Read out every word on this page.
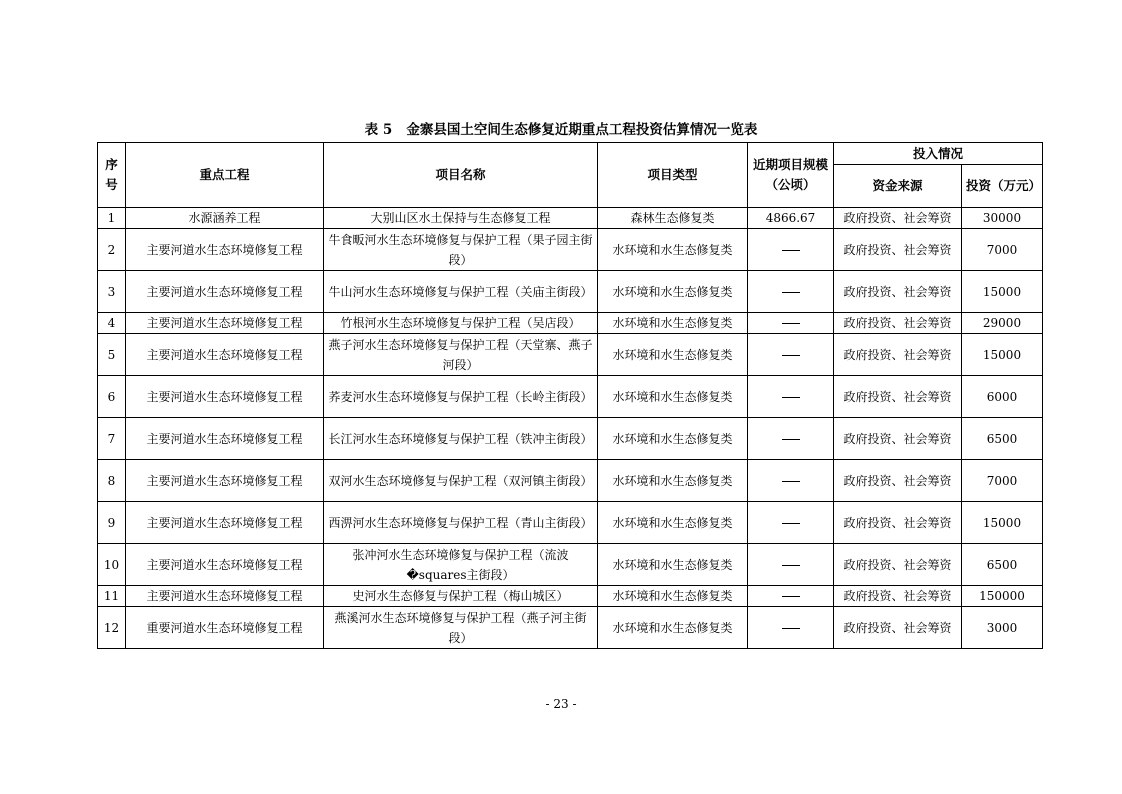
表 5   金寨县国土空间生态修复近期重点工程投资估算情况一览表
序号	重点工程	项目名称	项目类型	近期项目规模（公顷）	投入情况	
					资金来源	投资（万元）
1	水源涵养工程	大别山区水土保持与生态修复工程	森林生态修复类	4866.67	政府投资、社会筹资	30000
2	主要河道水生态环境修复工程	牛食畈河水生态环境修复与保护工程（果子园主街段）	水环境和水生态修复类		政府投资、社会筹资	7000
3	主要河道水生态环境修复工程	牛山河水生态环境修复与保护工程（关庙主街段）	水环境和水生态修复类		政府投资、社会筹资	15000
4	主要河道水生态环境修复工程	竹根河水生态环境修复与保护工程（吴店段）	水环境和水生态修复类		政府投资、社会筹资	29000
5	主要河道水生态环境修复工程	燕子河水生态环境修复与保护工程（天堂寨、燕子河段）	水环境和水生态修复类		政府投资、社会筹资	15000
6	主要河道水生态环境修复工程	荞麦河水生态环境修复与保护工程（长岭主街段）	水环境和水生态修复类		政府投资、社会筹资	6000
7	主要河道水生态环境修复工程	长江河水生态环境修复与保护工程（铁冲主街段）	水环境和水生态修复类		政府投资、社会筹资	6500
8	主要河道水生态环境修复工程	双河水生态环境修复与保护工程（双河镇主街段）	水环境和水生态修复类		政府投资、社会筹资	7000
9	主要河道水生态环境修复工程	西淠河水生态环境修复与保护工程（青山主街段）	水环境和水生态修复类		政府投资、社会筹资	15000
10	主要河道水生态环境修复工程	张冲河水生态环境修复与保护工程（流波�squares主街段）	水环境和水生态修复类		政府投资、社会筹资	6500
11	主要河道水生态环境修复工程	史河水生态修复与保护工程（梅山城区）	水环境和水生态修复类		政府投资、社会筹资	150000
12	重要河道水生态环境修复工程	燕溪河水生态环境修复与保护工程（燕子河主街段）	水环境和水生态修复类		政府投资、社会筹资	3000
- 23 -
